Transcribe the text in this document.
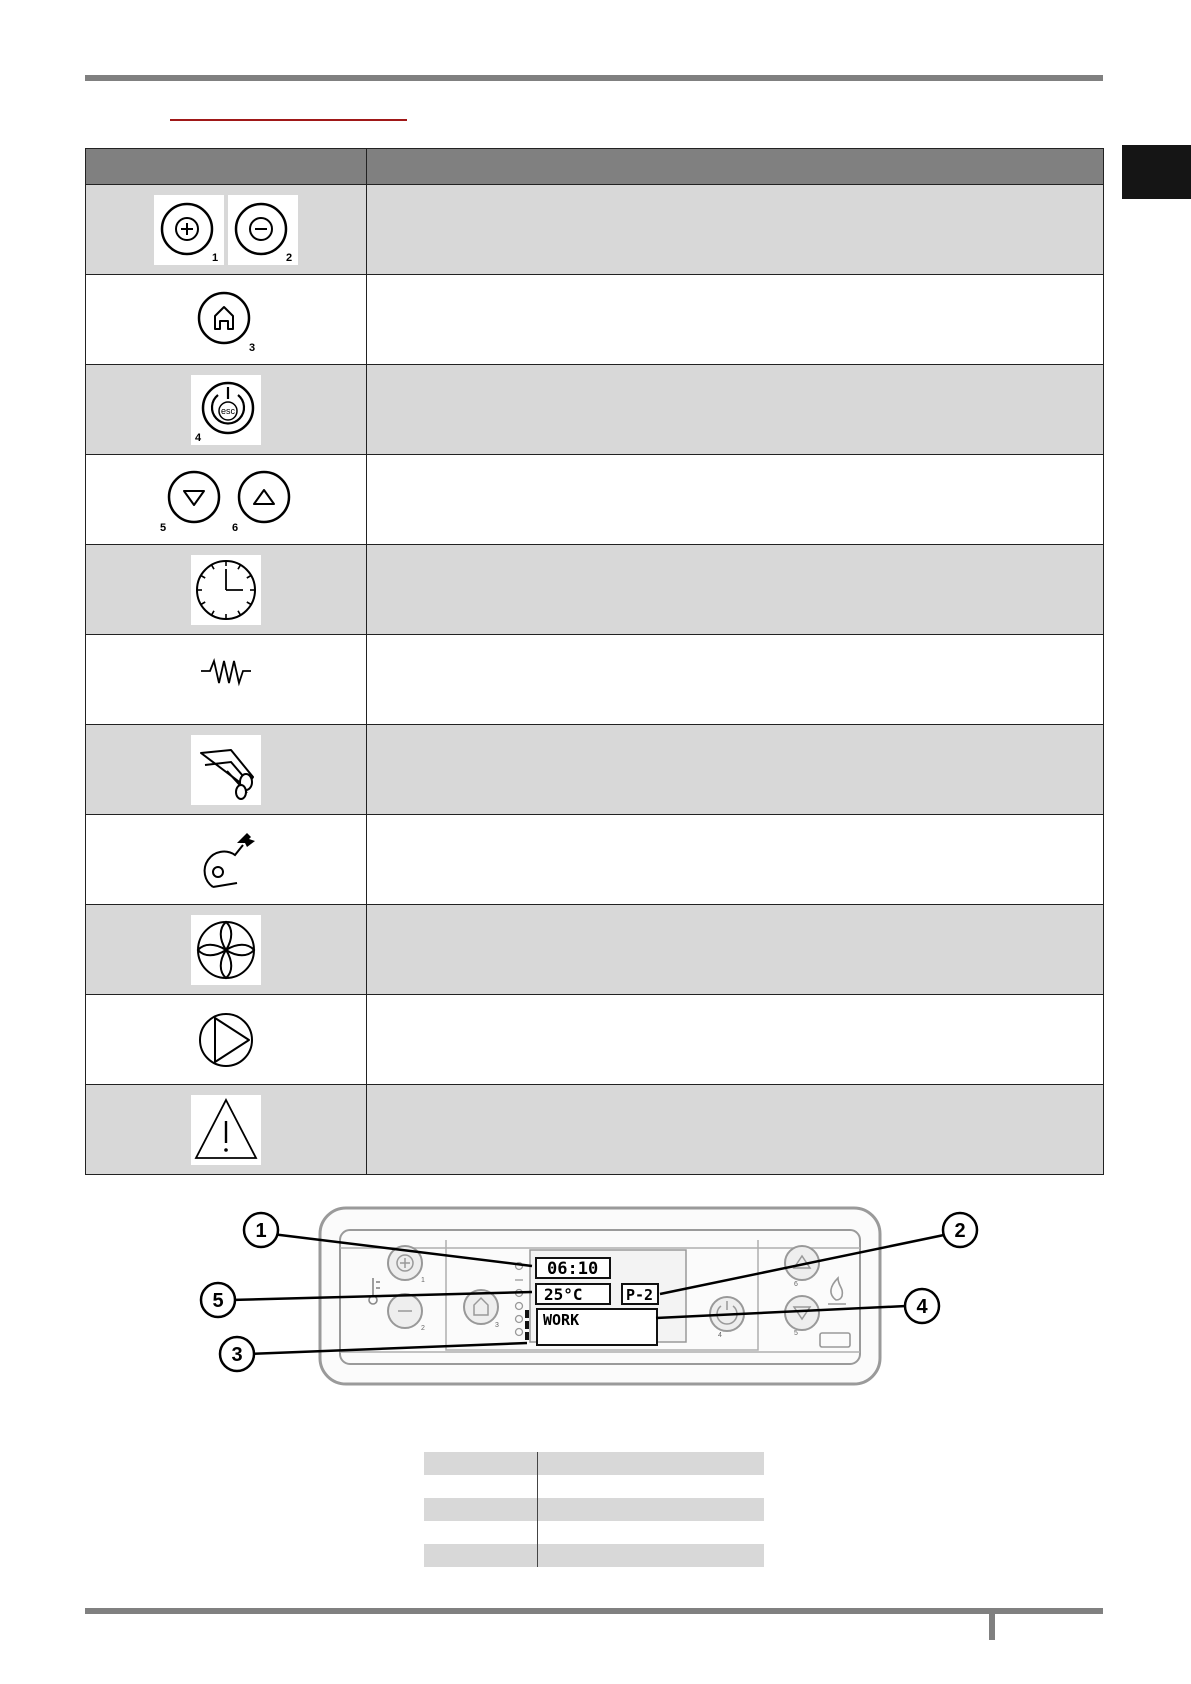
1 2	

3	

esc
4	

5 6	

1
2	3
06:10
25°C	P-2
WORK
4
6
5
1
5
3
2
4
